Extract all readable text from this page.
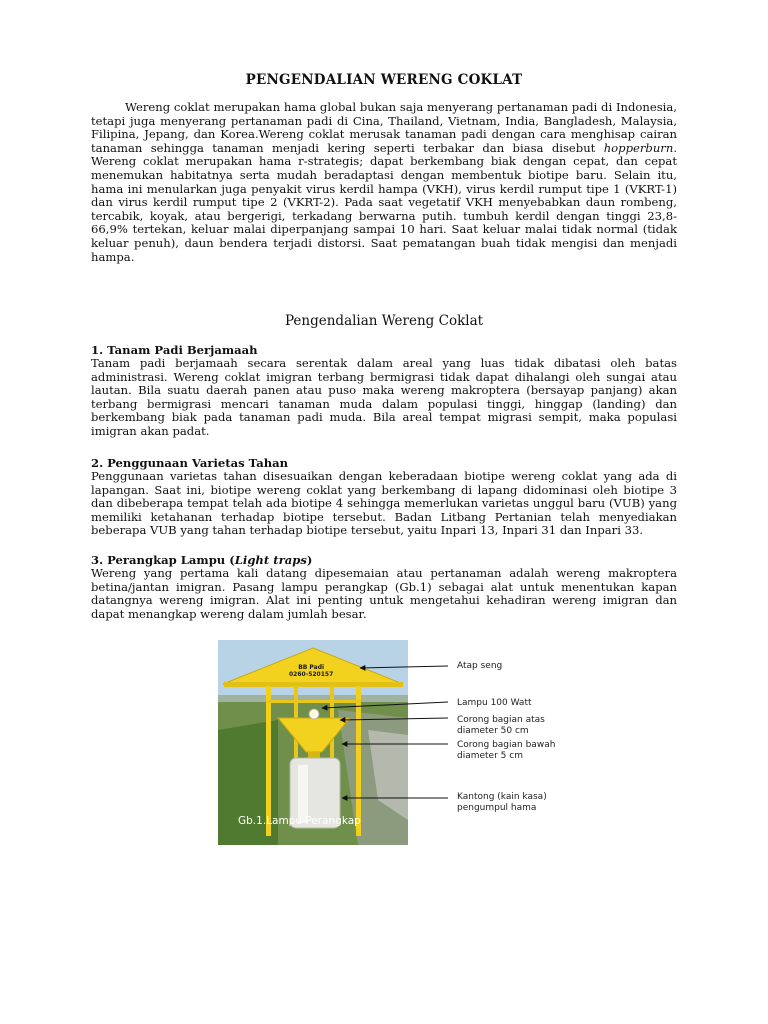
PENGENDALIAN WERENG COKLAT

Wereng coklat merupakan hama global bukan saja menyerang pertanaman padi di Indonesia, tetapi juga menyerang pertanaman padi di Cina, Thailand, Vietnam, India, Bangladesh, Malaysia, Filipina, Jepang, dan Korea.Wereng coklat merusak tanaman padi dengan cara menghisap cairan tanaman sehingga tanaman menjadi kering seperti terbakar dan biasa disebut hopperburn. Wereng coklat merupakan hama r-strategis; dapat berkembang biak dengan cepat, dan cepat menemukan habitatnya serta mudah beradaptasi dengan membentuk biotipe baru. Selain itu, hama ini menularkan juga penyakit virus kerdil hampa (VKH), virus kerdil rumput tipe 1 (VKRT-1) dan virus kerdil rumput tipe 2 (VKRT-2). Pada saat vegetatif VKH menyebabkan daun rombeng, tercabik, koyak, atau bergerigi, terkadang berwarna putih. tumbuh kerdil dengan tinggi 23,8-66,9% tertekan, keluar malai diperpanjang sampai 10 hari. Saat keluar malai tidak normal (tidak keluar penuh), daun bendera terjadi distorsi. Saat pematangan buah tidak mengisi dan menjadi hampa.

Pengendalian Wereng Coklat

1. Tanam Padi Berjamaah

Tanam padi berjamaah secara serentak dalam areal yang luas tidak dibatasi oleh batas administrasi. Wereng coklat imigran terbang bermigrasi tidak dapat dihalangi oleh sungai atau lautan. Bila suatu daerah panen atau puso maka wereng makroptera (bersayap panjang) akan terbang bermigrasi mencari tanaman muda dalam populasi tinggi, hinggap (landing) dan berkembang biak pada tanaman padi muda. Bila areal tempat migrasi sempit, maka populasi imigran akan padat.

2. Penggunaan Varietas Tahan

Penggunaan varietas tahan disesuaikan dengan keberadaan biotipe wereng coklat yang ada di lapangan. Saat ini, biotipe wereng coklat yang berkembang di lapang didominasi oleh biotipe 3 dan dibeberapa tempat telah ada biotipe 4 sehingga memerlukan varietas unggul baru (VUB) yang memiliki ketahanan terhadap biotipe tersebut. Badan Litbang Pertanian telah menyediakan beberapa VUB yang tahan terhadap biotipe tersebut, yaitu Inpari 13, Inpari 31 dan Inpari 33.

3. Perangkap Lampu (Light traps)

Wereng yang pertama kali datang dipesemaian atau pertanaman adalah wereng makroptera betina/jantan imigran. Pasang lampu perangkap (Gb.1) sebagai alat untuk menentukan kapan datangnya wereng imigran. Alat ini penting untuk mengetahui kehadiran wereng imigran dan dapat menangkap wereng dalam jumlah besar.

BB Padi
0260-520157
Gb.1.Lampu Perangkap
Atap seng
Lampu 100 Watt
Corong bagian atas diameter 50 cm
Corong bagian bawah diameter 5 cm
Kantong (kain kasa) pengumpul hama
